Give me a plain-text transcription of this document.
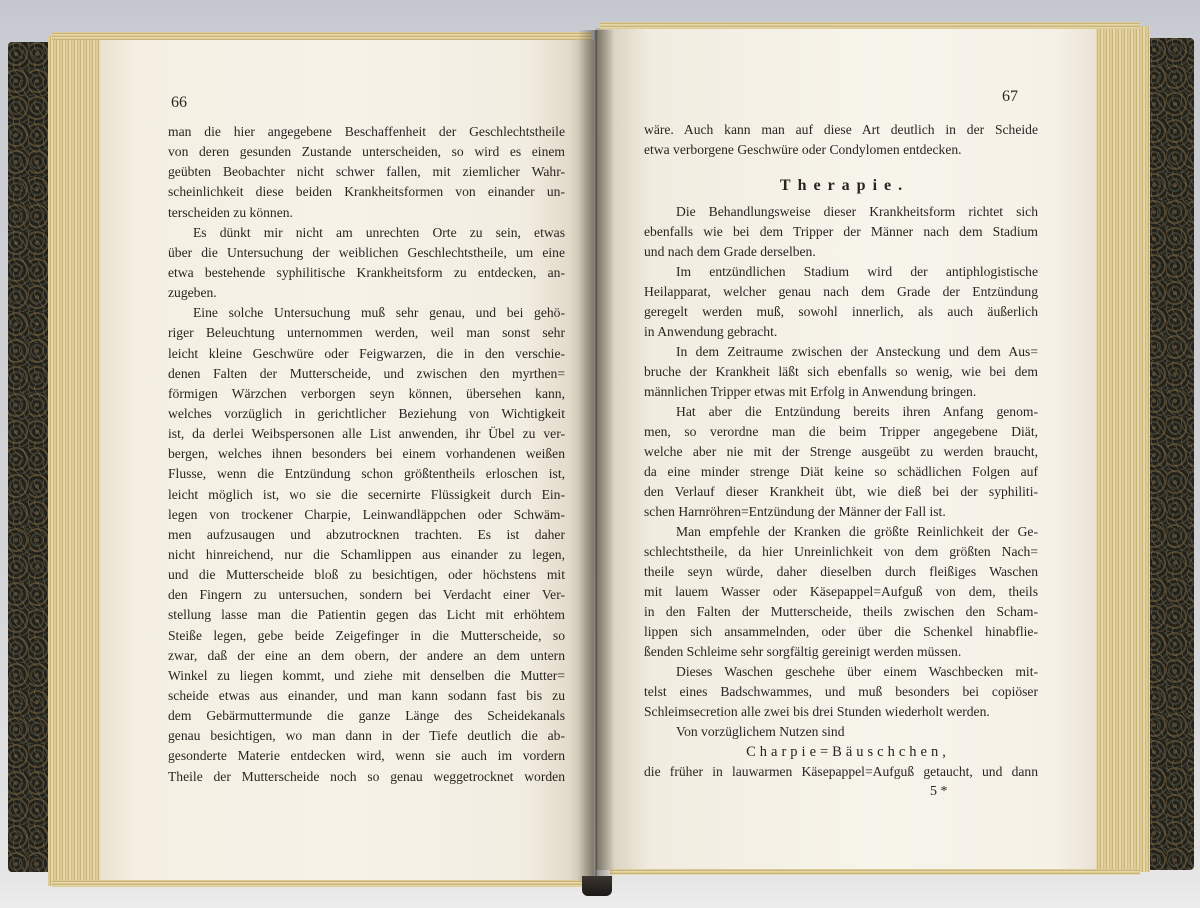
66
man die hier angegebene Beschaffenheit der Geschlechtstheile
von deren gesunden Zustande unterscheiden, so wird es einem
geübten Beobachter nicht schwer fallen, mit ziemlicher Wahr-
scheinlichkeit diese beiden Krankheitsformen von einander un-
terscheiden zu können.
Es dünkt mir nicht am unrechten Orte zu sein, etwas
über die Untersuchung der weiblichen Geschlechtstheile, um eine
etwa bestehende syphilitische Krankheitsform zu entdecken, an-
zugeben.
Eine solche Untersuchung muß sehr genau, und bei gehö-
riger Beleuchtung unternommen werden, weil man sonst sehr
leicht kleine Geschwüre oder Feigwarzen, die in den verschie-
denen Falten der Mutterscheide, und zwischen den myrthen=
förmigen Wärzchen verborgen seyn können, übersehen kann,
welches vorzüglich in gerichtlicher Beziehung von Wichtigkeit
ist, da derlei Weibspersonen alle List anwenden, ihr Übel zu ver-
bergen, welches ihnen besonders bei einem vorhandenen weißen
Flusse, wenn die Entzündung schon größtentheils erloschen ist,
leicht möglich ist, wo sie die secernirte Flüssigkeit durch Ein-
legen von trockener Charpie, Leinwandläppchen oder Schwäm-
men aufzusaugen und abzutrocknen trachten. Es ist daher
nicht hinreichend, nur die Schamlippen aus einander zu legen,
und die Mutterscheide bloß zu besichtigen, oder höchstens mit
den Fingern zu untersuchen, sondern bei Verdacht einer Ver-
stellung lasse man die Patientin gegen das Licht mit erhöhtem
Steiße legen, gebe beide Zeigefinger in die Mutterscheide, so
zwar, daß der eine an dem obern, der andere an dem untern
Winkel zu liegen kommt, und ziehe mit denselben die Mutter=
scheide etwas aus einander, und man kann sodann fast bis zu
dem Gebärmuttermunde die ganze Länge des Scheidekanals
genau besichtigen, wo man dann in der Tiefe deutlich die ab-
gesonderte Materie entdecken wird, wenn sie auch im vordern
Theile der Mutterscheide noch so genau weggetrocknet worden
67
wäre. Auch kann man auf diese Art deutlich in der Scheide
etwa verborgene Geschwüre oder Condylomen entdecken.
Therapie.
Die Behandlungsweise dieser Krankheitsform richtet sich
ebenfalls wie bei dem Tripper der Männer nach dem Stadium
und nach dem Grade derselben.
Im entzündlichen Stadium wird der antiphlogistische
Heilapparat, welcher genau nach dem Grade der Entzündung
geregelt werden muß, sowohl innerlich, als auch äußerlich
in Anwendung gebracht.
In dem Zeitraume zwischen der Ansteckung und dem Aus=
bruche der Krankheit läßt sich ebenfalls so wenig, wie bei dem
männlichen Tripper etwas mit Erfolg in Anwendung bringen.
Hat aber die Entzündung bereits ihren Anfang genom-
men, so verordne man die beim Tripper angegebene Diät,
welche aber nie mit der Strenge ausgeübt zu werden braucht,
da eine minder strenge Diät keine so schädlichen Folgen auf
den Verlauf dieser Krankheit übt, wie dieß bei der syphiliti-
schen Harnröhren=Entzündung der Männer der Fall ist.
Man empfehle der Kranken die größte Reinlichkeit der Ge-
schlechtstheile, da hier Unreinlichkeit von dem größten Nach=
theile seyn würde, daher dieselben durch fleißiges Waschen
mit lauem Wasser oder Käsepappel=Aufguß von dem, theils
in den Falten der Mutterscheide, theils zwischen den Scham-
lippen sich ansammelnden, oder über die Schenkel hinabflie-
ßenden Schleime sehr sorgfältig gereinigt werden müssen.
Dieses Waschen geschehe über einem Waschbecken mit-
telst eines Badschwammes, und muß besonders bei copiöser
Schleimsecretion alle zwei bis drei Stunden wiederholt werden.
Von vorzüglichem Nutzen sind
Charpie=Bäuschchen,
die früher in lauwarmen Käsepappel=Aufguß getaucht, und dann
5 *
